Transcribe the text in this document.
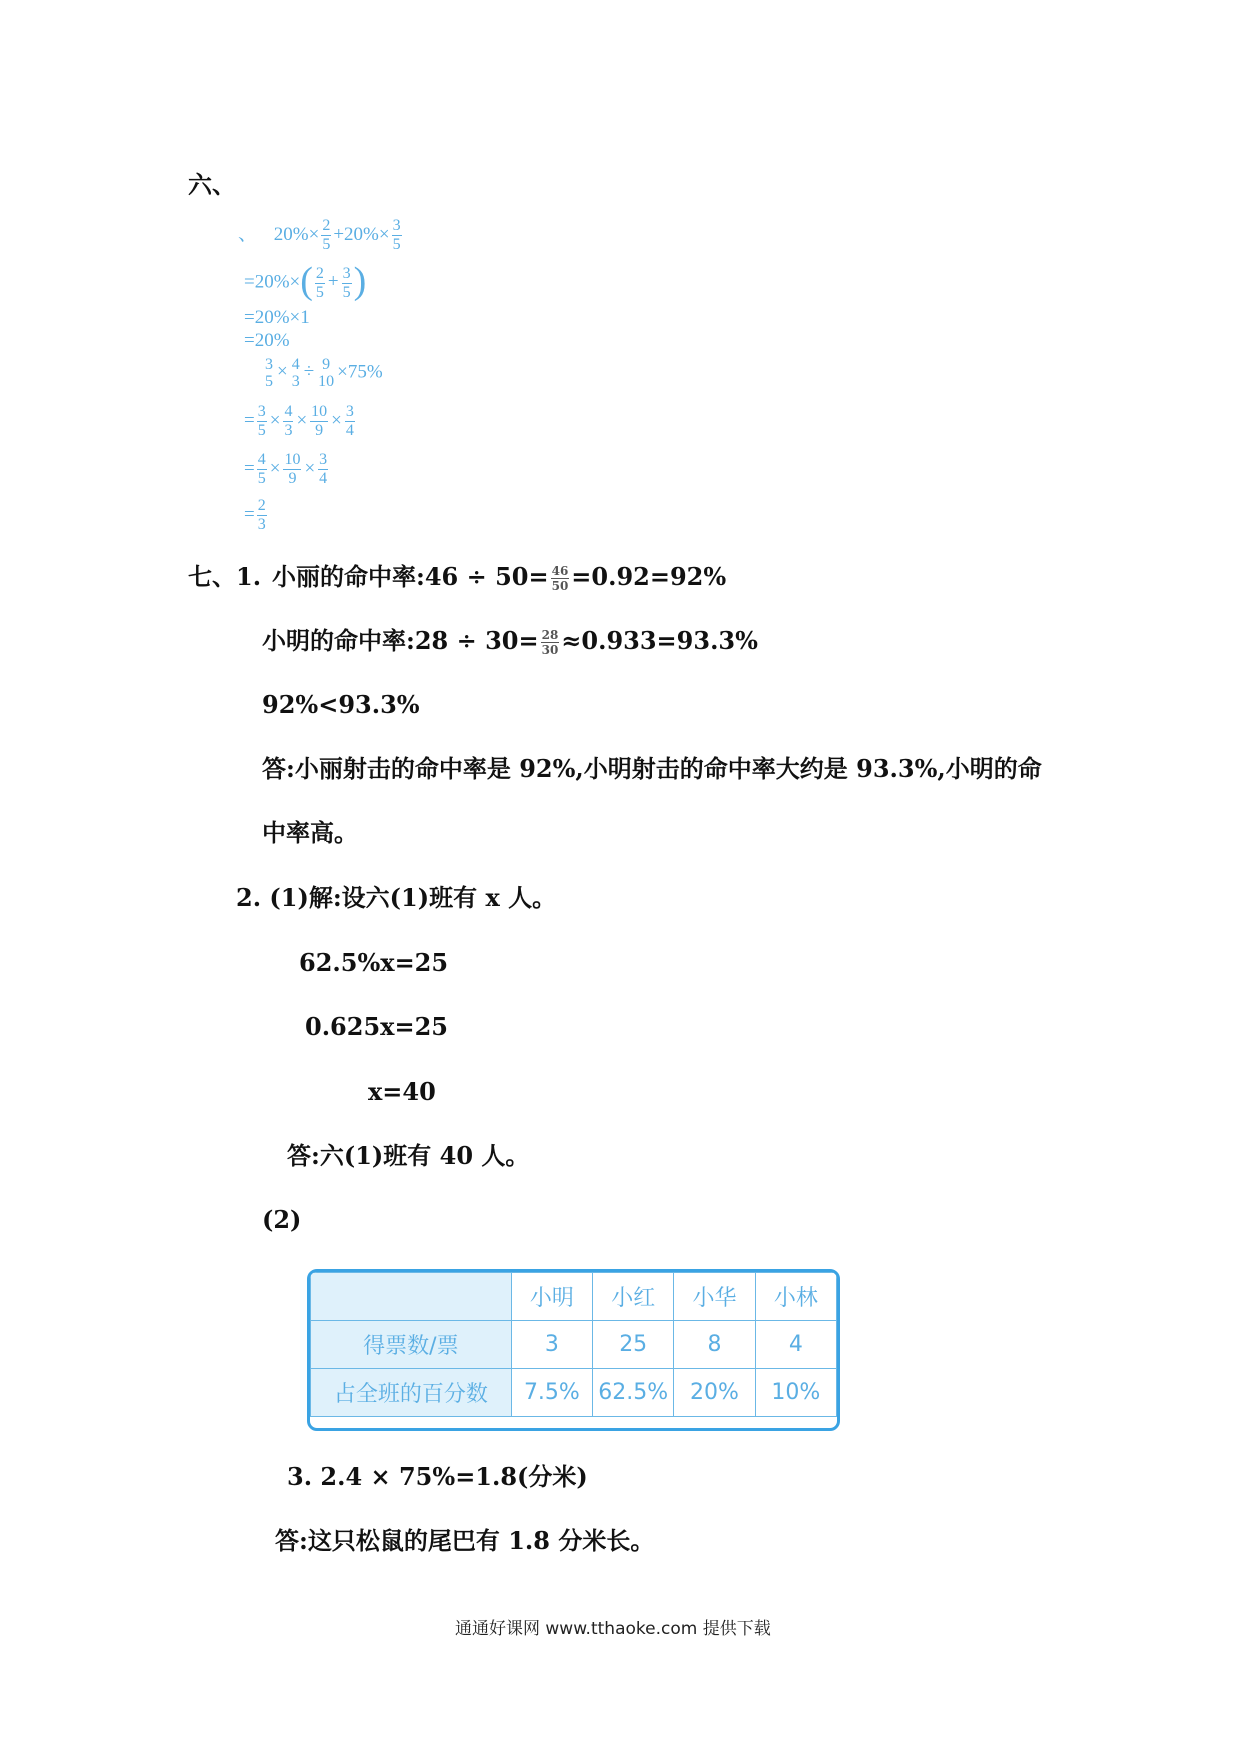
六、
、 $20\%\times \frac{2}{5} +20\%\times \frac{3}{5}$
$=20\%\times( \frac{2}{5} + \frac{3}{5}$ )
=20%×1
=20%
3
5 × 4
3 ÷ 9
10 ×75%
= $\frac{3}{5} \times \frac{4}{3} \times \frac{10}{9} \times \frac{3}{4}$
= $\frac{4}{5} \times \frac{10}{9} \times \frac{3}{4}$
= $\frac{2}{3}$
七、1. 小丽的命中率:46 ÷ $50= \frac{46}{50} =0.92=92\%$
小明的命中率:28 ÷ $30= \frac{28}{30} \approx 0.933=93.3\%$
92%<93.3%
答:小丽射击的命中率是 92%,小明射击的命中率大约是 93.3%,小明的命
中率高。
2. (1)解:设六(1)班有 x 人。
62.5%x=25
0.625x=25
x=40
答:六(1)班有 40 人。
(2)
	小明	小红	小华	小林
得票数/票	3	25	8	4
占全班的百分数	7.5%	62.5%	20%	10%
3. 2.4 × 75%=1.8(分米)
答:这只松鼠的尾巴有 1.8 分米长。
通通好课网 www.tthaoke.com 提供下载
